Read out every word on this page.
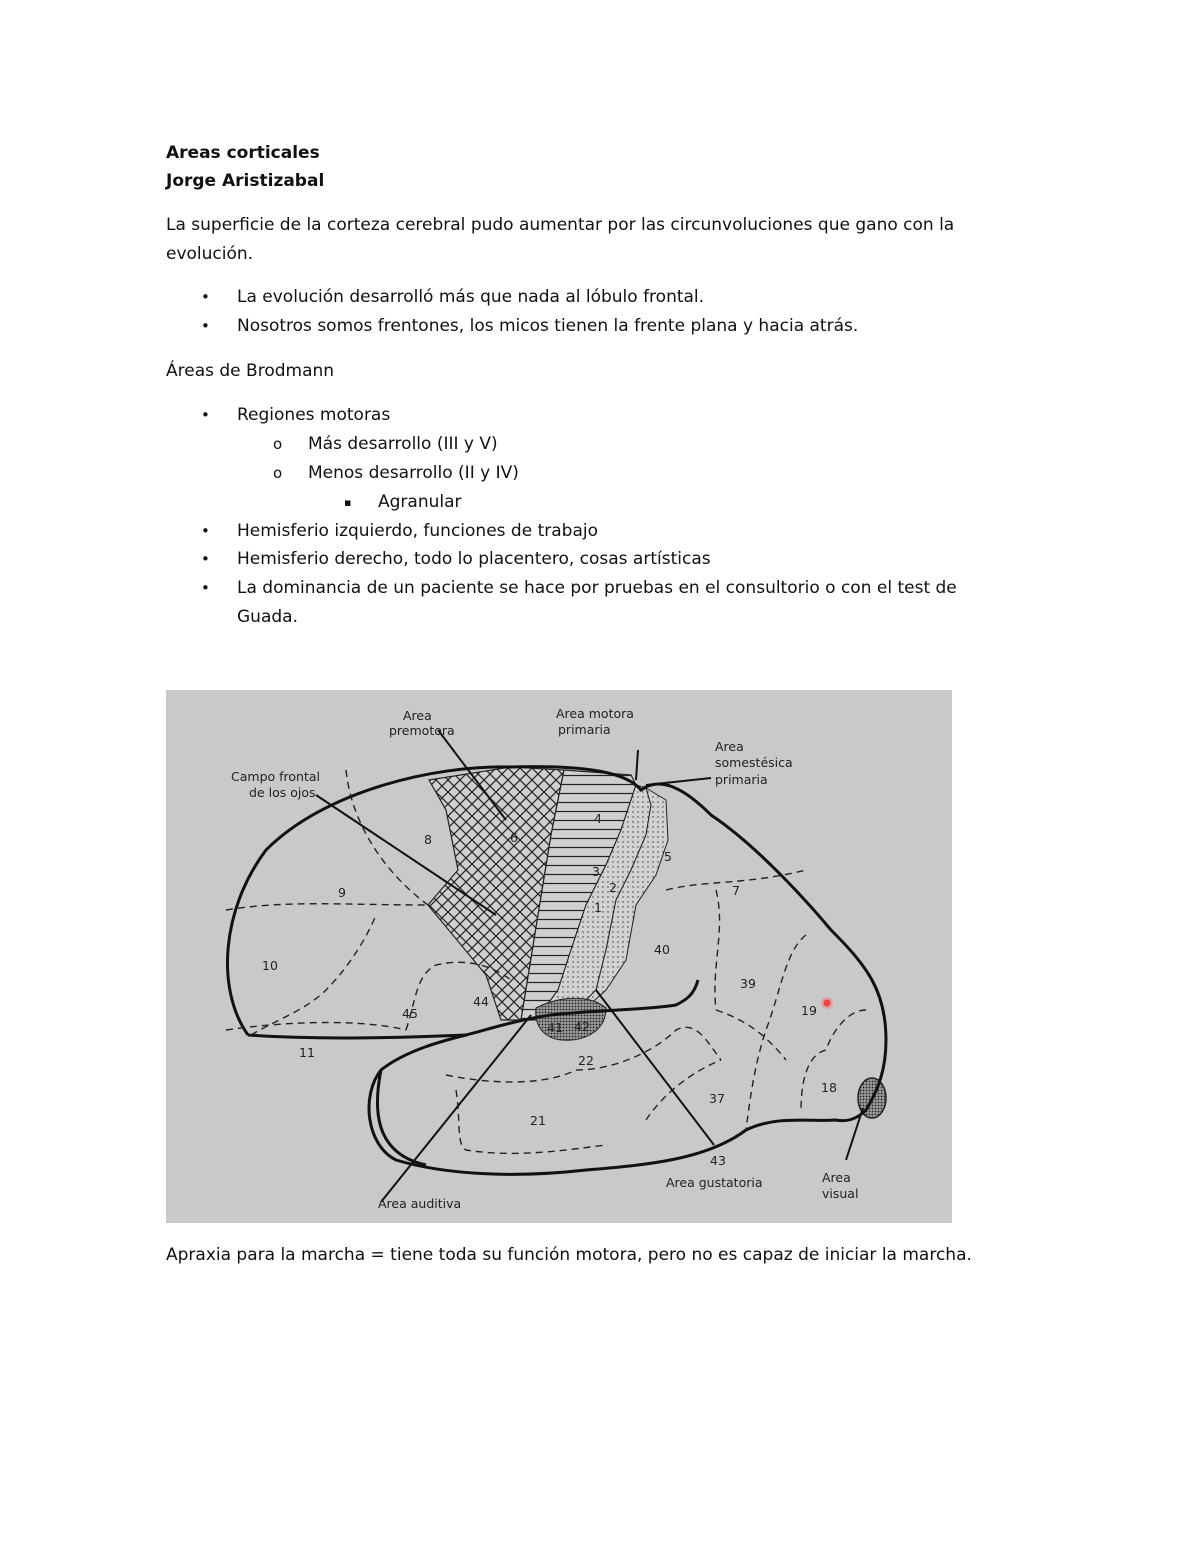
Areas corticales
Jorge Aristizabal
La superficie de la corteza cerebral pudo aumentar por las circunvoluciones que gano con la
evolución.
• La evolución desarrolló más que nada al lóbulo frontal.
• Nosotros somos frentones, los micos tienen la frente plana y hacia atrás.
Áreas de Brodmann
• Regiones motoras
o Más desarrollo (III y V)
o Menos desarrollo (II y IV)
▪ Agranular
• Hemisferio izquierdo, funciones de trabajo
• Hemisferio derecho, todo lo placentero, cosas artísticas
• La dominancia de un paciente se hace por pruebas en el consultorio o con el test de
Guada.
Area
premotora
Area motora
primaria
Area
somestésica
primaria
Campo frontal
de los ojos
Area auditiva
Area gustatoria	Area
visual
4
6
8
9
10
11
5
3
1
2	7
40
39
19
18
44
45
41 42
22
21
37
43
Apraxia para la marcha = tiene toda su función motora, pero no es capaz de iniciar la marcha.
